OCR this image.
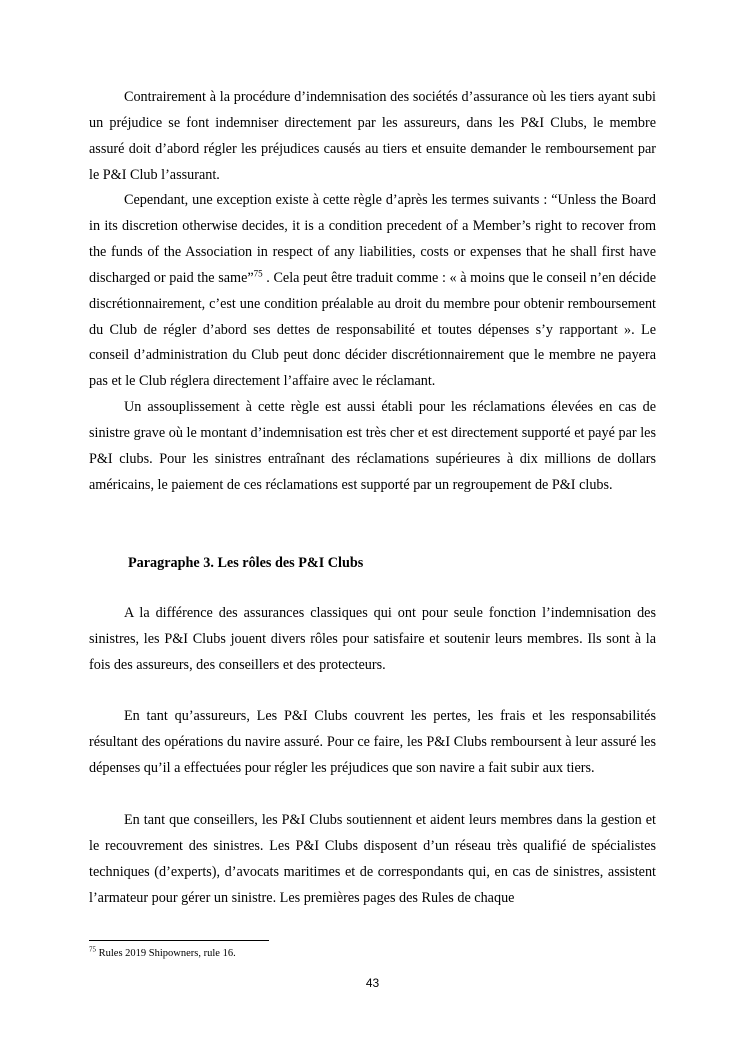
Contrairement à la procédure d’indemnisation des sociétés d’assurance où les tiers ayant subi un préjudice se font indemniser directement par les assureurs, dans les P&I Clubs, le membre assuré doit d’abord régler les préjudices causés au tiers et ensuite demander le remboursement par le P&I Club l’assurant.

Cependant, une exception existe à cette règle d’après les termes suivants : “Unless the Board in its discretion otherwise decides, it is a condition precedent of a Member’s right to recover from the funds of the Association in respect of any liabilities, costs or expenses that he shall first have discharged or paid the same”$^{75}$ . Cela peut être traduit comme : « à moins que le conseil n’en décide discrétionnairement, c’est une condition préalable au droit du membre pour obtenir remboursement du Club de régler d’abord ses dettes de responsabilité et toutes dépenses s’y rapportant ». Le conseil d’administration du Club peut donc décider discrétionnairement que le membre ne payera pas et le Club réglera directement l’affaire avec le réclamant.

Un assouplissement à cette règle est aussi établi pour les réclamations élevées en cas de sinistre grave où le montant d’indemnisation est très cher et est directement supporté et payé par les P&I clubs. Pour les sinistres entraînant des réclamations supérieures à dix millions de dollars américains, le paiement de ces réclamations est supporté par un regroupement de P&I clubs.

Paragraphe 3. Les rôles des P&I Clubs

A la différence des assurances classiques qui ont pour seule fonction l’indemnisation des sinistres, les P&I Clubs jouent divers rôles pour satisfaire et soutenir leurs membres. Ils sont à la fois des assureurs, des conseillers et des protecteurs.

En tant qu’assureurs, Les P&I Clubs couvrent les pertes, les frais et les responsabilités résultant des opérations du navire assuré. Pour ce faire, les P&I Clubs remboursent à leur assuré les dépenses qu’il a effectuées pour régler les préjudices que son navire a fait subir aux tiers.

En tant que conseillers, les P&I Clubs soutiennent et aident leurs membres dans la gestion et le recouvrement des sinistres. Les P&I Clubs disposent d’un réseau très qualifié de spécialistes techniques (d’experts), d’avocats maritimes et de correspondants qui, en cas de sinistres, assistent l’armateur pour gérer un sinistre. Les premières pages des Rules de chaque

$^{75}$ Rules 2019 Shipowners, rule 16.

43
